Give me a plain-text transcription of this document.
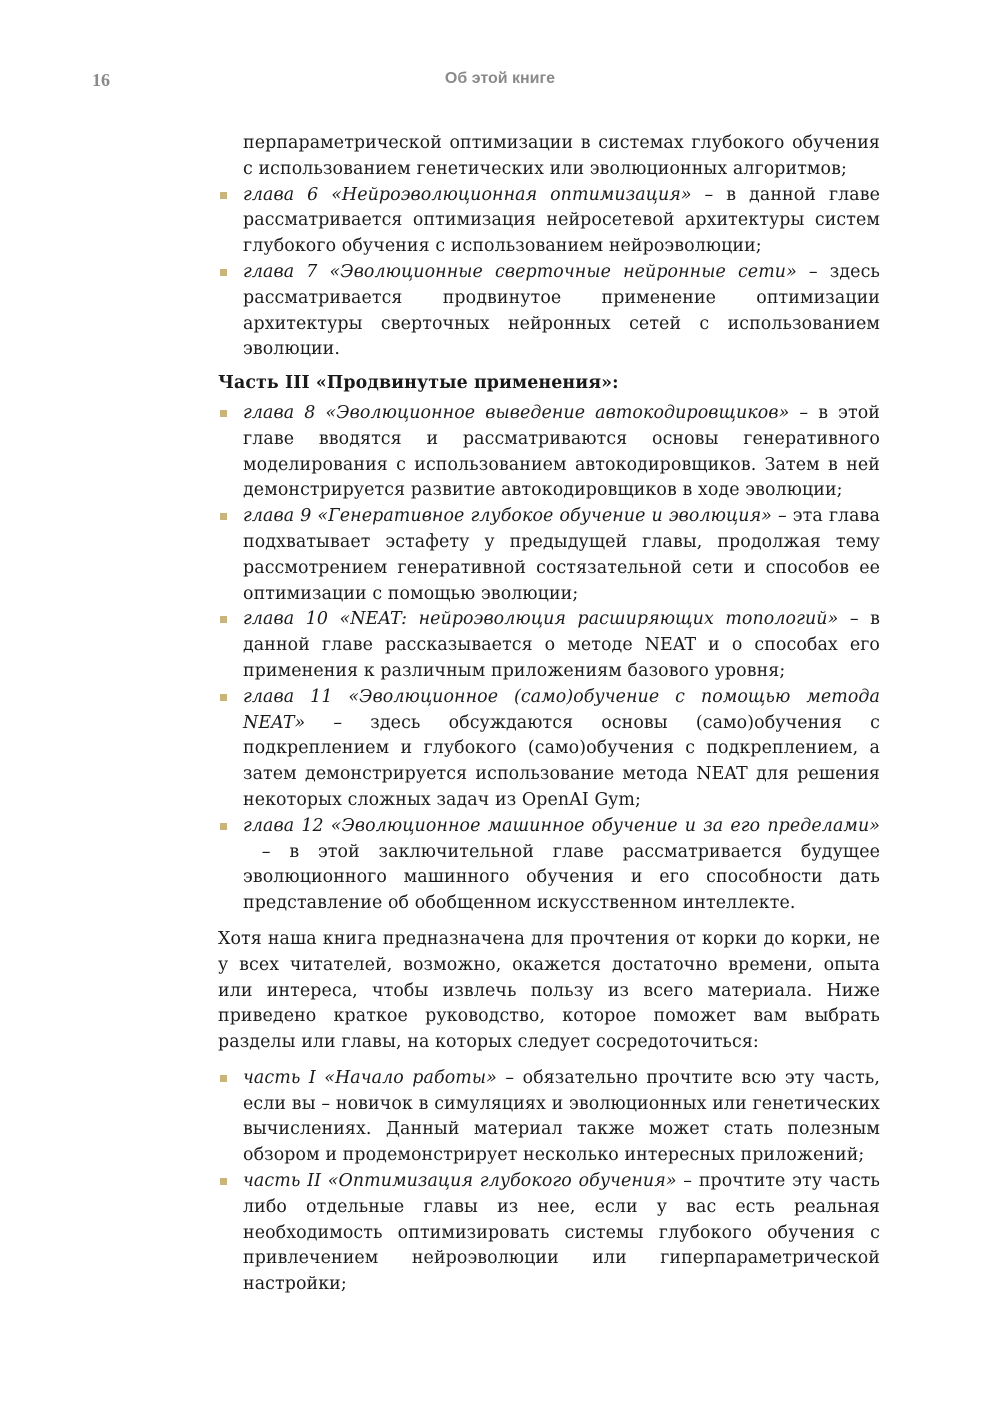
16	Об этой книге
перпараметрической оптимизации в системах глубокого обучения с использованием генетических или эволюционных алгоритмов;
глава 6 «Нейроэволюционная оптимизация» – в данной главе рассматривается оптимизация нейросетевой архитектуры систем глубокого обучения с использованием нейроэволюции;
глава 7 «Эволюционные сверточные нейронные сети» – здесь рассматривается продвинутое применение оптимизации архитектуры сверточных нейронных сетей с использованием эволюции.
Часть III «Продвинутые применения»:
глава 8 «Эволюционное выведение автокодировщиков» – в этой главе вводятся и рассматриваются основы генеративного моделирования с использованием автокодировщиков. Затем в ней демонстрируется развитие автокодировщиков в ходе эволюции;
глава 9 «Генеративное глубокое обучение и эволюция» – эта глава подхватывает эстафету у предыдущей главы, продолжая тему рассмотрением генеративной состязательной сети и способов ее оптимизации с помощью эволюции;
глава 10 «NEAT: нейроэволюция расширяющих топологий» – в данной главе рассказывается о методе NEAT и о способах его применения к различным приложениям базового уровня;
глава 11 «Эволюционное (само)обучение с помощью метода NEAT» – здесь обсуждаются основы (само)обучения с подкреплением и глубокого (само)обучения с подкреплением, а затем демонстрируется использование метода NEAT для решения некоторых сложных задач из OpenAI Gym;
глава 12 «Эволюционное машинное обучение и за его пределами» – в этой заключительной главе рассматривается будущее эволюционного машинного обучения и его способности дать представление об обобщенном искусственном интеллекте.

Хотя наша книга предназначена для прочтения от корки до корки, не у всех читателей, возможно, окажется достаточно времени, опыта или интереса, чтобы извлечь пользу из всего материала. Ниже приведено краткое руководство, которое поможет вам выбрать разделы или главы, на которых следует сосредоточиться:

часть I «Начало работы» – обязательно прочтите всю эту часть, если вы – новичок в симуляциях и эволюционных или генетических вычислениях. Данный материал также может стать полезным обзором и продемонстрирует несколько интересных приложений;
часть II «Оптимизация глубокого обучения» – прочтите эту часть либо отдельные главы из нее, если у вас есть реальная необходимость оптимизировать системы глубокого обучения с привлечением нейроэволюции или гиперпараметрической настройки;
